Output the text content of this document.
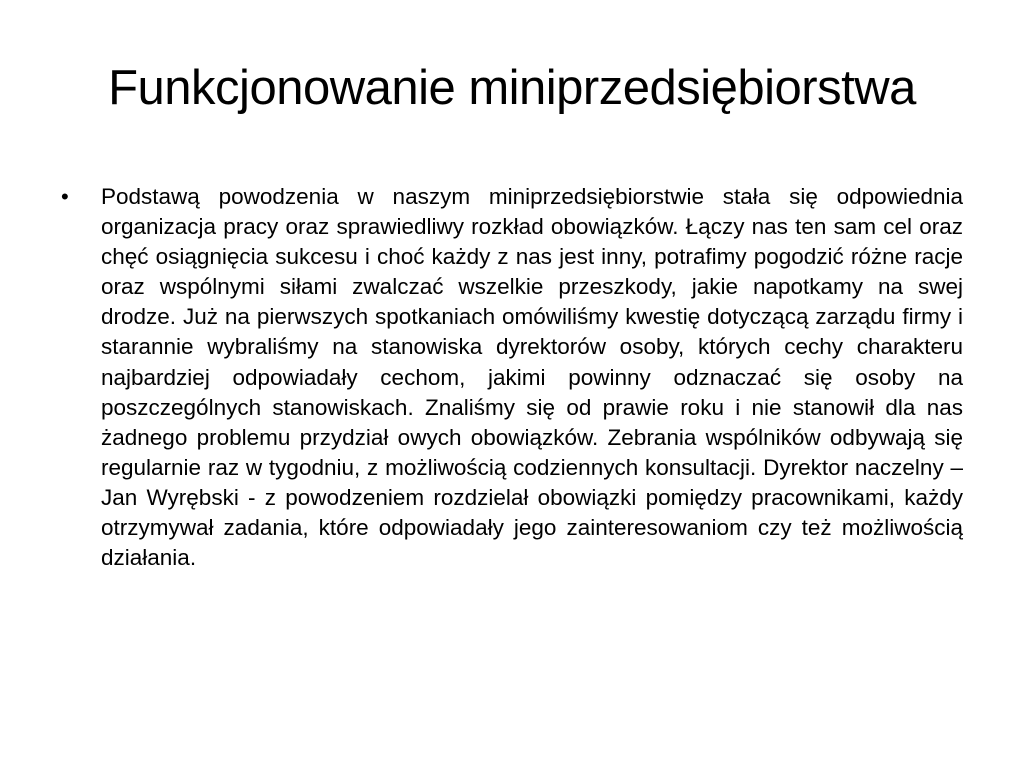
Funkcjonowanie miniprzedsiębiorstwa
•	Podstawą powodzenia w naszym miniprzedsiębiorstwie stała się odpowiednia organizacja pracy oraz sprawiedliwy rozkład obowiązków. Łączy nas ten sam cel oraz chęć osiągnięcia sukcesu i choć każdy z nas jest inny, potrafimy pogodzić różne racje oraz wspólnymi siłami zwalczać wszelkie przeszkody, jakie napotkamy na swej drodze. Już na pierwszych spotkaniach omówiliśmy kwestię dotyczącą zarządu firmy i starannie wybraliśmy na stanowiska dyrektorów osoby, których cechy charakteru najbardziej odpowiadały cechom, jakimi powinny odznaczać się osoby na poszczególnych stanowiskach. Znaliśmy się od prawie roku i nie stanowił dla nas żadnego problemu przydział owych obowiązków. Zebrania wspólników odbywają się regularnie raz w tygodniu, z możliwością codziennych konsultacji. Dyrektor naczelny – Jan Wyrębski - z powodzeniem rozdzielał obowiązki pomiędzy pracownikami, każdy otrzymywał zadania, które odpowiadały jego zainteresowaniom czy też możliwością działania.
